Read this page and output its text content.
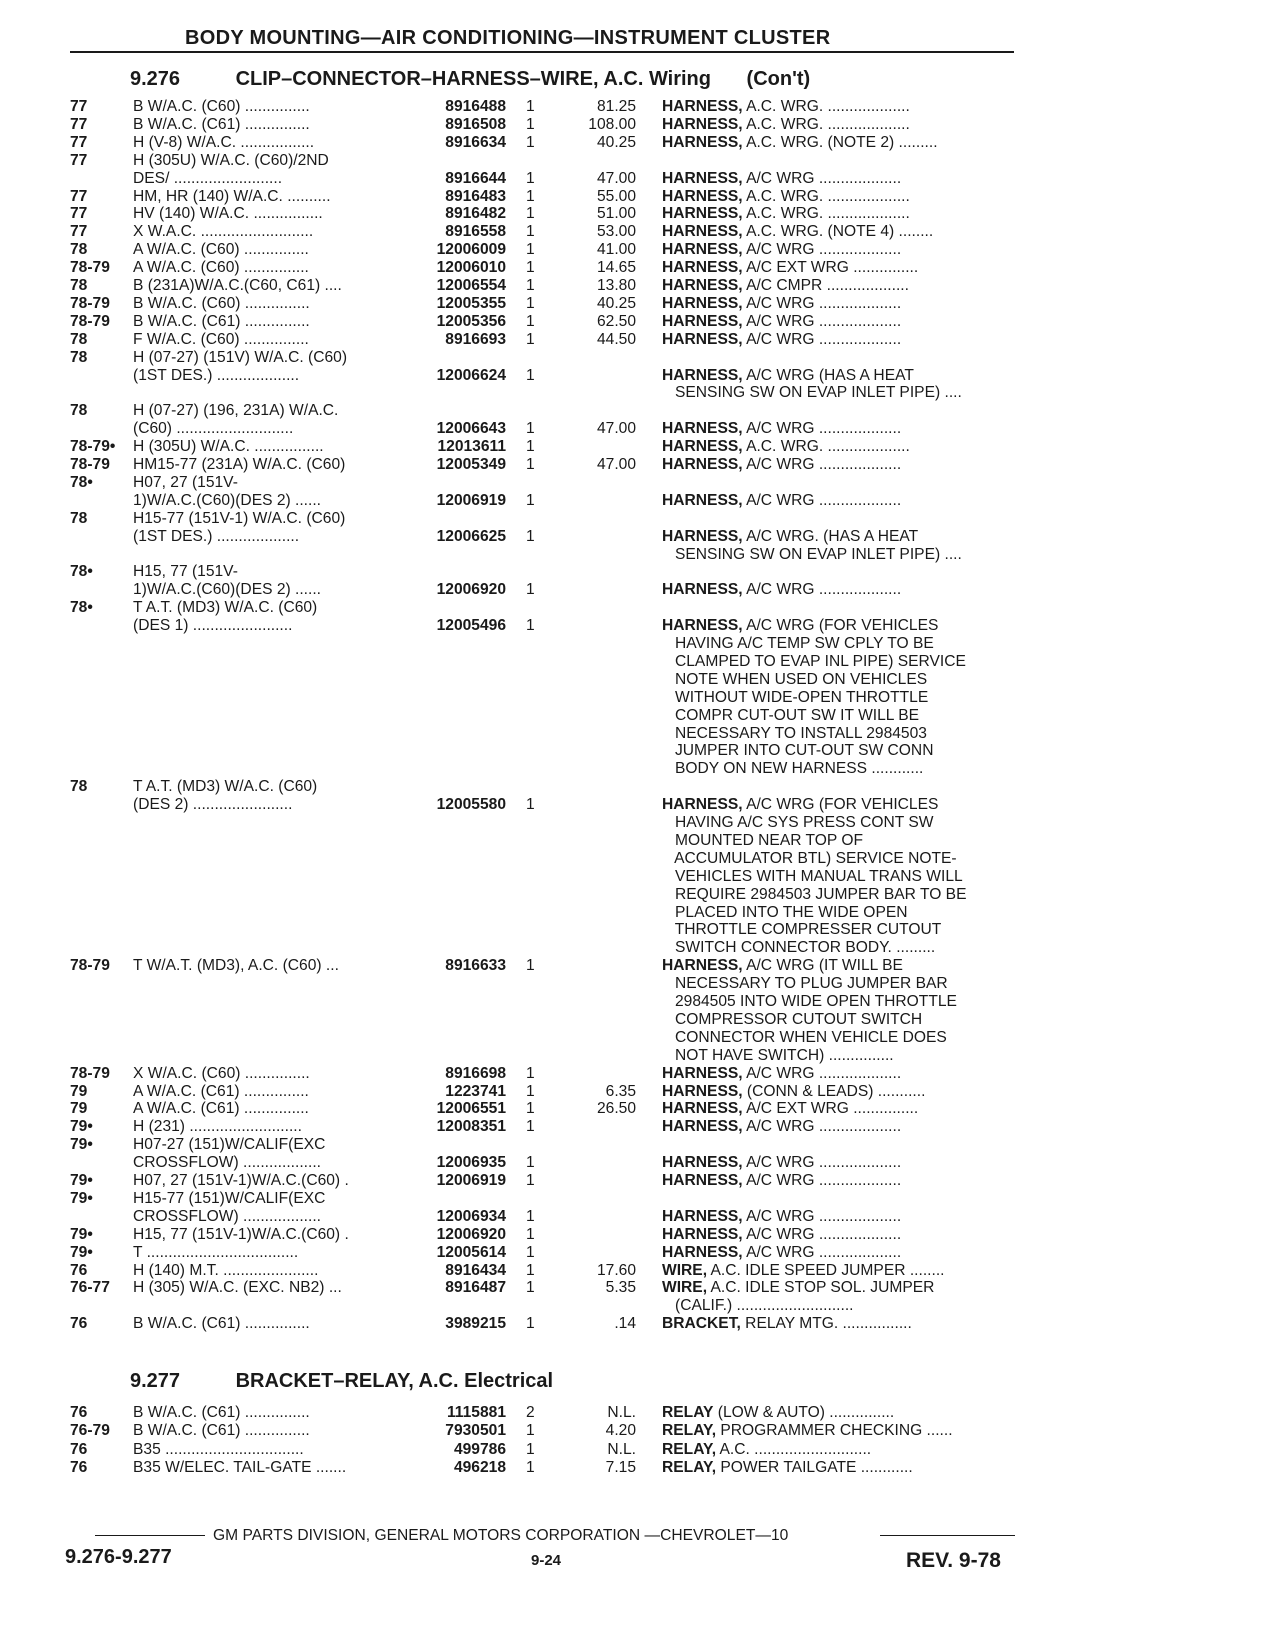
BODY MOUNTING—AIR CONDITIONING—INSTRUMENT CLUSTER
9.276	CLIP–CONNECTOR–HARNESS–WIRE, A.C. Wiring (Con't)
9.277	BRACKET–RELAY, A.C. Electrical
77	B W/A.C. (C60) ...............	8916488 1	81.25 HARNESS, A.C. WRG. ...................
77	B W/A.C. (C61) ...............	8916508 1	108.00 HARNESS, A.C. WRG. ...................
77	H (V-8) W/A.C. .................	8916634 1	40.25 HARNESS, A.C. WRG. (NOTE 2) .........
77	H (305U) W/A.C. (C60)/2ND
DES/ .........................	8916644 1	47.00 HARNESS, A/C WRG ...................
77	HM, HR (140) W/A.C. ..........	8916483 1	55.00 HARNESS, A.C. WRG. ...................
77	HV (140) W/A.C. ................	8916482 1	51.00 HARNESS, A.C. WRG. ...................
77	X W.A.C. ..........................	8916558 1	53.00 HARNESS, A.C. WRG. (NOTE 4) ........
78	A W/A.C. (C60) ...............	12006009 1	41.00 HARNESS, A/C WRG ...................
78-79 A W/A.C. (C60) ...............	12006010 1	14.65 HARNESS, A/C EXT WRG ...............
78	B (231A)W/A.C.(C60, C61) ....	12006554 1	13.80 HARNESS, A/C CMPR ...................
78-79 B W/A.C. (C60) ...............	12005355 1	40.25 HARNESS, A/C WRG ...................
78-79 B W/A.C. (C61) ...............	12005356 1	62.50 HARNESS, A/C WRG ...................
78	F W/A.C. (C60) ...............	8916693 1	44.50 HARNESS, A/C WRG ...................
78	H (07-27) (151V) W/A.C. (C60)
(1ST DES.) ...................	12006624 1	HARNESS, A/C WRG (HAS A HEAT
SENSING SW ON EVAP INLET PIPE) ....
78	H (07-27) (196, 231A) W/A.C.
(C60) ...........................	12006643 1	47.00 HARNESS, A/C WRG ...................
78-79• H (305U) W/A.C. ................	12013611 1	HARNESS, A.C. WRG. ...................
78-79 HM15-77 (231A) W/A.C. (C60)	12005349 1	47.00 HARNESS, A/C WRG ...................
78•	H07, 27 (151V-
1)W/A.C.(C60)(DES 2) ......	12006919 1	HARNESS, A/C WRG ...................
78	H15-77 (151V-1) W/A.C. (C60)
(1ST DES.) ...................	12006625 1	HARNESS, A/C WRG. (HAS A HEAT
SENSING SW ON EVAP INLET PIPE) ....
78•	H15, 77 (151V-
1)W/A.C.(C60)(DES 2) ......	12006920 1	HARNESS, A/C WRG ...................
78•	T A.T. (MD3) W/A.C. (C60)
(DES 1) .......................	12005496 1	HARNESS, A/C WRG (FOR VEHICLES
HAVING A/C TEMP SW CPLY TO BE
CLAMPED TO EVAP INL PIPE) SERVICE
NOTE WHEN USED ON VEHICLES
WITHOUT WIDE-OPEN THROTTLE
COMPR CUT-OUT SW IT WILL BE
NECESSARY TO INSTALL 2984503
JUMPER INTO CUT-OUT SW CONN
BODY ON NEW HARNESS ............
78	T A.T. (MD3) W/A.C. (C60)
(DES 2) .......................	12005580 1	HARNESS, A/C WRG (FOR VEHICLES
HAVING A/C SYS PRESS CONT SW
MOUNTED NEAR TOP OF
ACCUMULATOR BTL) SERVICE NOTE-
VEHICLES WITH MANUAL TRANS WILL
REQUIRE 2984503 JUMPER BAR TO BE
PLACED INTO THE WIDE OPEN
THROTTLE COMPRESSER CUTOUT
SWITCH CONNECTOR BODY. .........
78-79 T W/A.T. (MD3), A.C. (C60) ...	8916633 1	HARNESS, A/C WRG (IT WILL BE
NECESSARY TO PLUG JUMPER BAR
2984505 INTO WIDE OPEN THROTTLE
COMPRESSOR CUTOUT SWITCH
CONNECTOR WHEN VEHICLE DOES
NOT HAVE SWITCH) ...............
78-79 X W/A.C. (C60) ...............	8916698 1	HARNESS, A/C WRG ...................
79	A W/A.C. (C61) ...............	1223741 1	6.35 HARNESS, (CONN & LEADS) ...........
79	A W/A.C. (C61) ...............	12006551 1	26.50 HARNESS, A/C EXT WRG ...............
79•	H (231) ..........................	12008351 1	HARNESS, A/C WRG ...................
79•	H07-27 (151)W/CALIF(EXC
CROSSFLOW) ..................	12006935 1	HARNESS, A/C WRG ...................
79•	H07, 27 (151V-1)W/A.C.(C60) .	12006919 1	HARNESS, A/C WRG ...................
79•	H15-77 (151)W/CALIF(EXC
CROSSFLOW) ..................	12006934 1	HARNESS, A/C WRG ...................
79•	H15, 77 (151V-1)W/A.C.(C60) .	12006920 1	HARNESS, A/C WRG ...................
79•	T ...................................	12005614 1	HARNESS, A/C WRG ...................
76	H (140) M.T. ......................	8916434 1	17.60 WIRE, A.C. IDLE SPEED JUMPER ........
76-77 H (305) W/A.C. (EXC. NB2) ...	8916487 1	5.35 WIRE, A.C. IDLE STOP SOL. JUMPER
(CALIF.) ...........................
76	B W/A.C. (C61) ...............	3989215 1	.14 BRACKET, RELAY MTG. ................
76	B W/A.C. (C61) ...............	1115881 2	N.L. RELAY (LOW & AUTO) ...............
76-79 B W/A.C. (C61) ...............	7930501 1	4.20 RELAY, PROGRAMMER CHECKING ......
76	B35 ................................	499786 1	N.L. RELAY, A.C. ...........................
76	B35 W/ELEC. TAIL-GATE .......	496218 1	7.15 RELAY, POWER TAILGATE ............
GM PARTS DIVISION, GENERAL MOTORS CORPORATION —CHEVROLET—10
9.276-9.277	9-24	REV. 9-78
